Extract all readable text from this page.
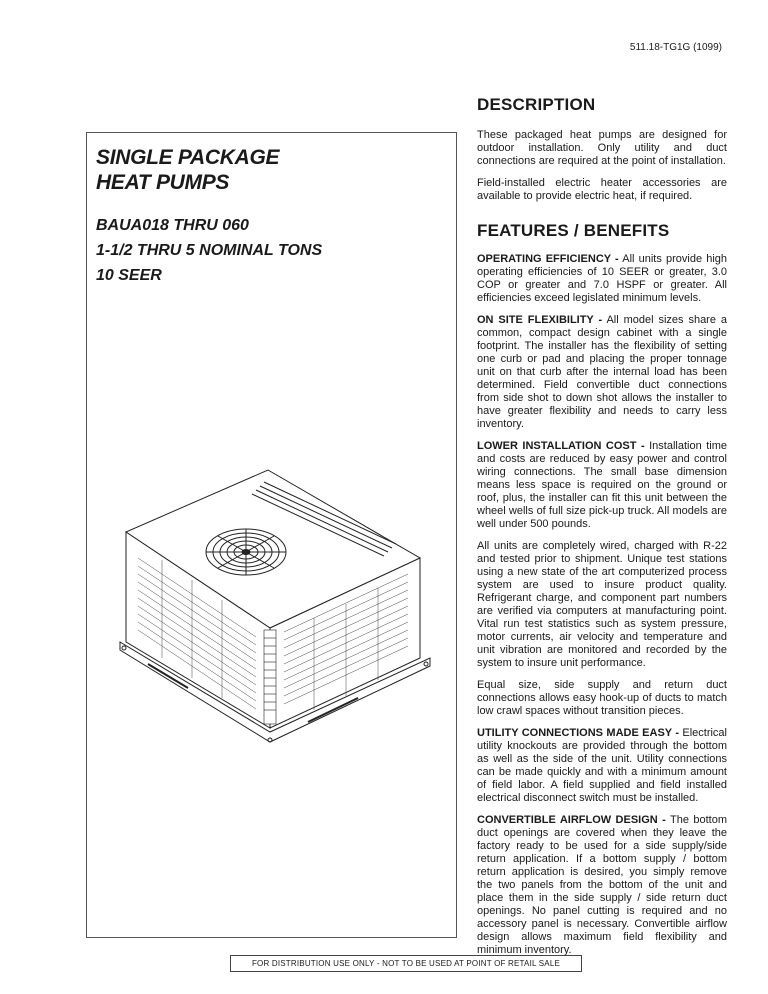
511.18-TG1G (1099)
SINGLE PACKAGE
HEAT PUMPS
BAUA018 THRU 060
1-1/2 THRU 5 NOMINAL TONS
10 SEER
DESCRIPTION

These packaged heat pumps are designed for outdoor installation. Only utility and duct connections are required at the point of installation.

Field-installed electric heater accessories are available to provide electric heat, if required.

FEATURES / BENEFITS

OPERATING EFFICIENCY - All units provide high operating efficiencies of 10 SEER or greater, 3.0 COP or greater and 7.0 HSPF or greater. All efficiencies exceed legislated minimum levels.

ON SITE FLEXIBILITY - All model sizes share a common, compact design cabinet with a single footprint. The installer has the flexibility of setting one curb or pad and placing the proper tonnage unit on that curb after the internal load has been determined. Field convertible duct connections from side shot to down shot allows the installer to have greater flexibility and needs to carry less inventory.

LOWER INSTALLATION COST - Installation time and costs are reduced by easy power and control wiring connections. The small base dimension means less space is required on the ground or roof, plus, the installer can fit this unit between the wheel wells of full size pick-up truck. All models are well under 500 pounds.

All units are completely wired, charged with R-22 and tested prior to shipment. Unique test stations using a new state of the art computerized process system are used to insure product quality. Refrigerant charge, and component part numbers are verified via computers at manufacturing point. Vital run test statistics such as system pressure, motor currents, air velocity and temperature and unit vibration are monitored and recorded by the system to insure unit performance.

Equal size, side supply and return duct connections allows easy hook-up of ducts to match low crawl spaces without transition pieces.

UTILITY CONNECTIONS MADE EASY - Electrical utility knockouts are provided through the bottom as well as the side of the unit. Utility connections can be made quickly and with a minimum amount of field labor. A field supplied and field installed electrical disconnect switch must be installed.

CONVERTIBLE AIRFLOW DESIGN - The bottom duct openings are covered when they leave the factory ready to be used for a side supply/side return application. If a bottom supply / bottom return application is desired, you simply remove the two panels from the bottom of the unit and place them in the side supply / side return duct openings. No panel cutting is required and no accessory panel is necessary. Convertible airflow design allows maximum field flexibility and minimum inventory.

FOR DISTRIBUTION USE ONLY - NOT TO BE USED AT POINT OF RETAIL SALE
